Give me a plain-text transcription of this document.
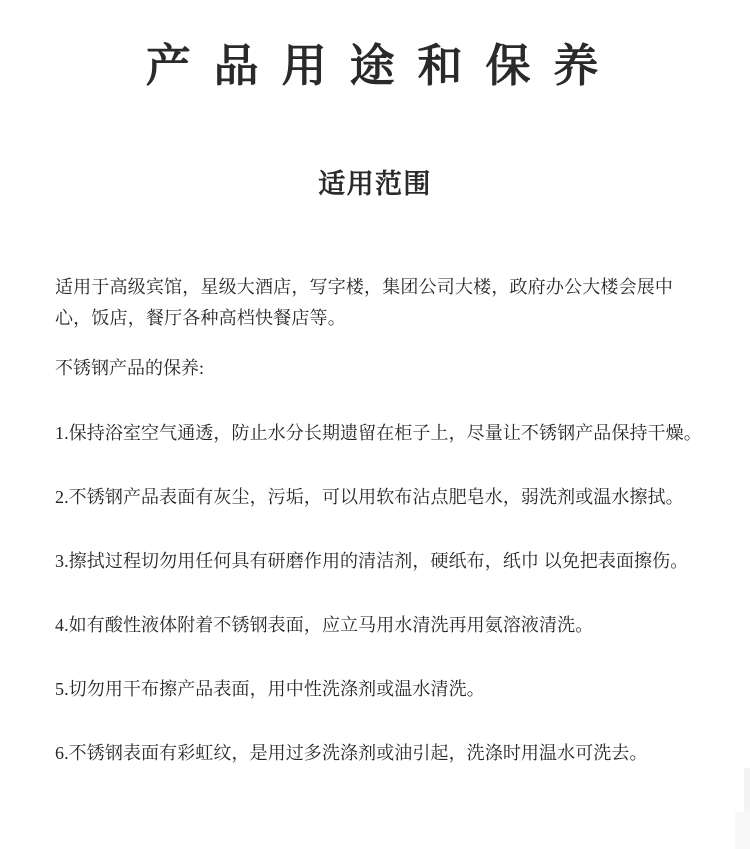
产 品 用 途 和 保 养
适用范围

适用于高级宾馆，星级大酒店，写字楼，集团公司大楼，政府办公大楼会展中心，饭店，餐厅各种高档快餐店等。

不锈钢产品的保养:

1.保持浴室空气通透，防止水分长期遗留在柜子上，尽量让不锈钢产品保持干燥。

2.不锈钢产品表面有灰尘，污垢，可以用软布沾点肥皂水，弱洗剂或温水擦拭。

3.擦拭过程切勿用任何具有研磨作用的清洁剂，硬纸布，纸巾 以免把表面擦伤。

4.如有酸性液体附着不锈钢表面，应立马用水清洗再用氨溶液清洗。

5.切勿用干布擦产品表面，用中性洗涤剂或温水清洗。

6.不锈钢表面有彩虹纹，是用过多洗涤剂或油引起，洗涤时用温水可洗去。
